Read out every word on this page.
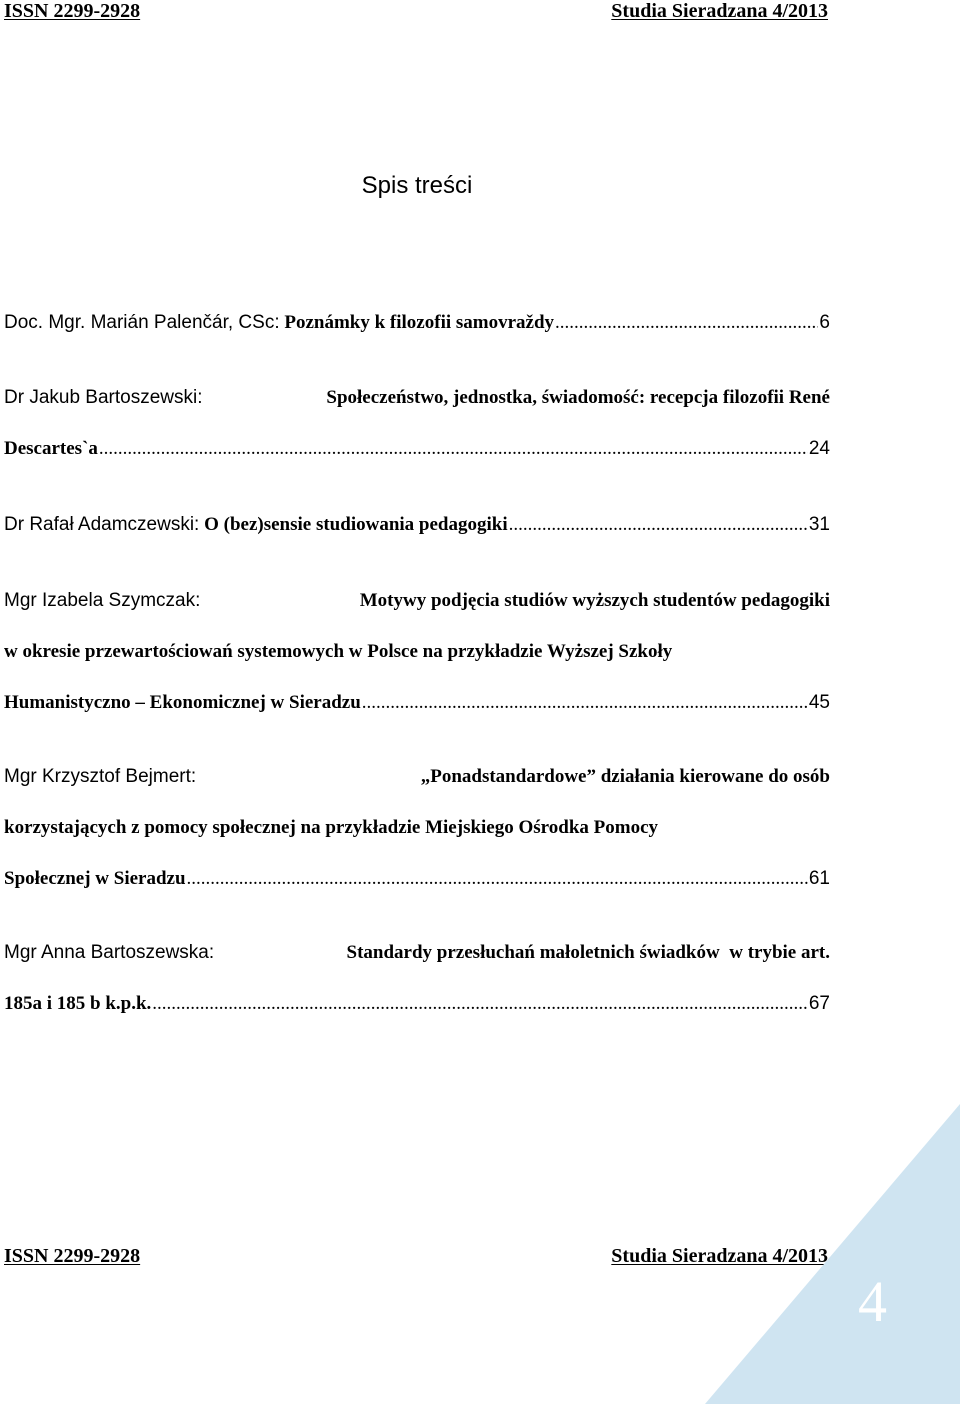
ISSN 2299-2928	Studia Sieradzana 4/2013
Spis treści
Doc. Mgr. Marián Palenčár, CSc:
Poznámky k filozofii samovraždy .....	6
Dr Jakub Bartoszewski:	Społeczeństwo, jednostka, świadomość: recepcja filozofii René
Descartes`a .....	24
Dr Rafał Adamczewski:
O (bez)sensie studiowania pedagogiki .....	31
Mgr Izabela Szymczak:	Motywy podjęcia studiów wyższych studentów pedagogiki
w okresie przewartościowań systemowych w Polsce na przykładzie Wyższej Szkoły
Humanistyczno – Ekonomicznej w Sieradzu .....	45
Mgr Krzysztof Bejmert:	„Ponadstandardowe” działania kierowane do osób
korzystających z pomocy społecznej na przykładzie Miejskiego Ośrodka Pomocy
Społecznej w Sieradzu .....	61
Mgr Anna Bartoszewska:	Standardy przesłuchań małoletnich świadków  w trybie art.
185a i 185 b k.p.k. .....	67
ISSN 2299-2928	Studia Sieradzana 4/2013
4
